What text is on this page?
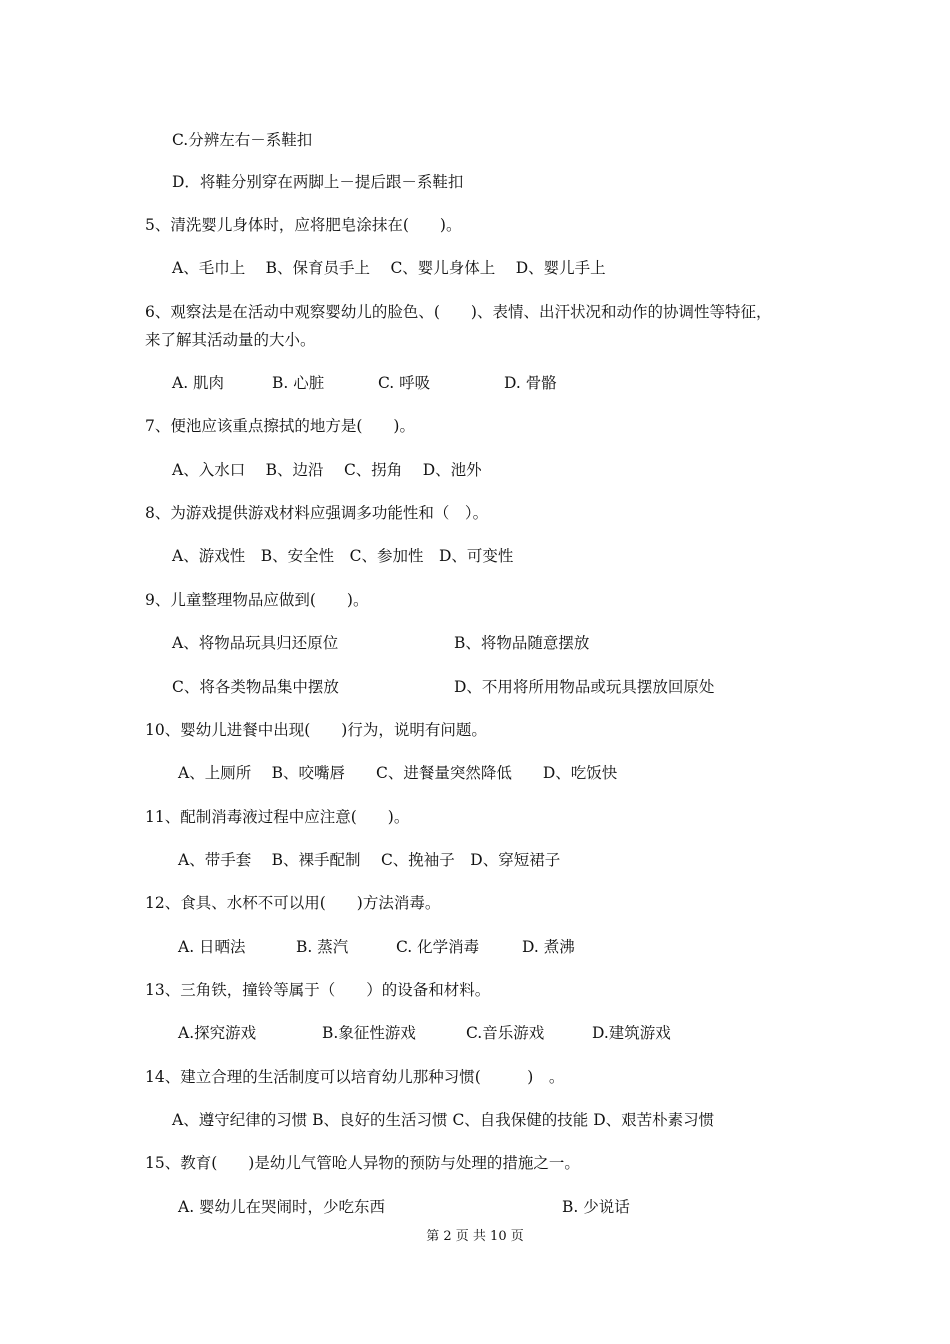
C.分辨左右－系鞋扣
D．将鞋分别穿在两脚上－提后跟－系鞋扣
5、清洗婴儿身体时，应将肥皂涂抹在(　　)。
A、毛巾上　 B、保育员手上　 C、婴儿身体上　 D、婴儿手上
6、观察法是在活动中观察婴幼儿的脸色、(　　)、表情、出汗状况和动作的协调性等特征，
来了解其活动量的大小。
A. 肌肉	B. 心脏	C. 呼吸	D. 骨骼
7、便池应该重点擦拭的地方是(　　)。
A、入水口　 B、边沿　 C、拐角　 D、池外
8、为游戏提供游戏材料应强调多功能性和（　）。
A、游戏性　B、安全性　C、参加性　D、可变性
9、儿童整理物品应做到(　　)。
A、将物品玩具归还原位	B、将物品随意摆放
C、将各类物品集中摆放	D、不用将所用物品或玩具摆放回原处
10、婴幼儿进餐中出现(　　)行为，说明有问题。
A、上厕所　 B、咬嘴唇　　C、进餐量突然降低　　D、吃饭快
11、配制消毒液过程中应注意(　　)。
A、带手套　 B、裸手配制　 C、挽袖子　D、穿短裙子
12、食具、水杯不可以用(　　)方法消毒。
A. 日晒法	B. 蒸汽	C. 化学消毒	D. 煮沸
13、三角铁，撞铃等属于（　　）的设备和材料。
A.探究游戏	B.象征性游戏	C.音乐游戏	D.建筑游戏
14、建立合理的生活制度可以培育幼儿那种习惯(　　　)　。
A、遵守纪律的习惯 B、良好的生活习惯 C、自我保健的技能 D、艰苦朴素习惯
15、教育(　　)是幼儿气管呛人异物的预防与处理的措施之一。
A. 婴幼儿在哭闹时，少吃东西	B. 少说话
第 2 页 共 10 页
